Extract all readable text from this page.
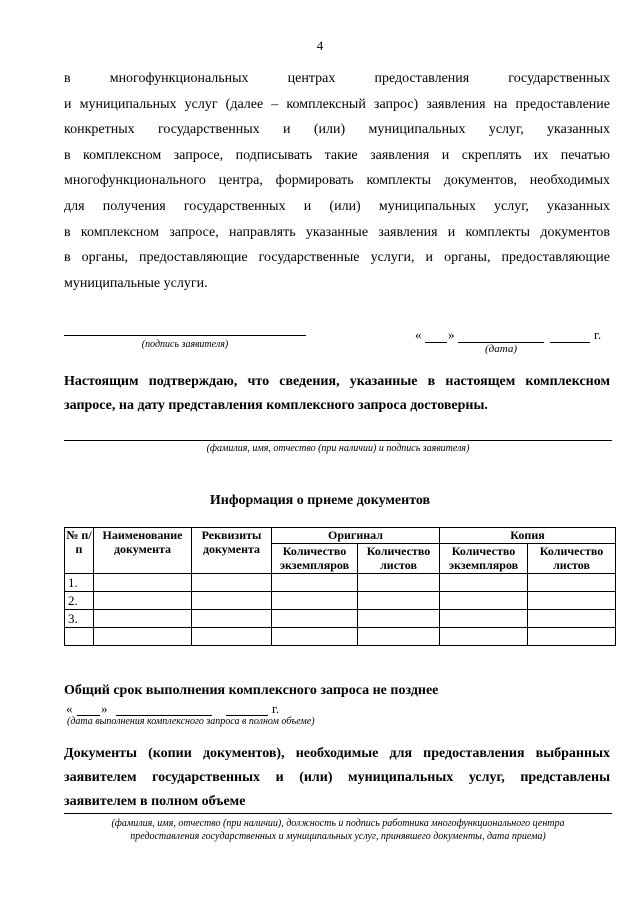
4
в многофункциональных центрах предоставления государственных
и муниципальных услуг (далее – комплексный запрос) заявления на предоставление
конкретных государственных и (или) муниципальных услуг, указанных
в комплексном запросе, подписывать такие заявления и скреплять их печатью
многофункционального центра, формировать комплекты документов, необходимых
для получения государственных и (или) муниципальных услуг, указанных
в комплексном запросе, направлять указанные заявления и комплекты документов
в органы, предоставляющие государственные услуги, и органы, предоставляющие
муниципальные услуги.
(подпись заявителя)
« »	г.
(дата)
Настоящим подтверждаю, что сведения, указанные в настоящем комплексном
запросе, на дату представления комплексного запроса достоверны.
(фамилия, имя, отчество (при наличии) и подпись заявителя)
Информация о приеме документов
№ п/п	Наименование документа	Реквизиты документа	Оригинал		Копия	
			Количество экземпляров	Количество листов	Количество экземпляров	Количество листов
1.						
2.						
3.						

Общий срок выполнения комплексного запроса не позднее
« »	г.
(дата выполнения комплексного запроса в полном объеме)
Документы (копии документов), необходимые для предоставления выбранных
заявителем государственных и (или) муниципальных услуг, представлены
заявителем в полном объеме
(фамилия, имя, отчество (при наличии), должность и подпись работника многофункционального центра
предоставления государственных и муниципальных услуг, принявшего документы, дата приема)
